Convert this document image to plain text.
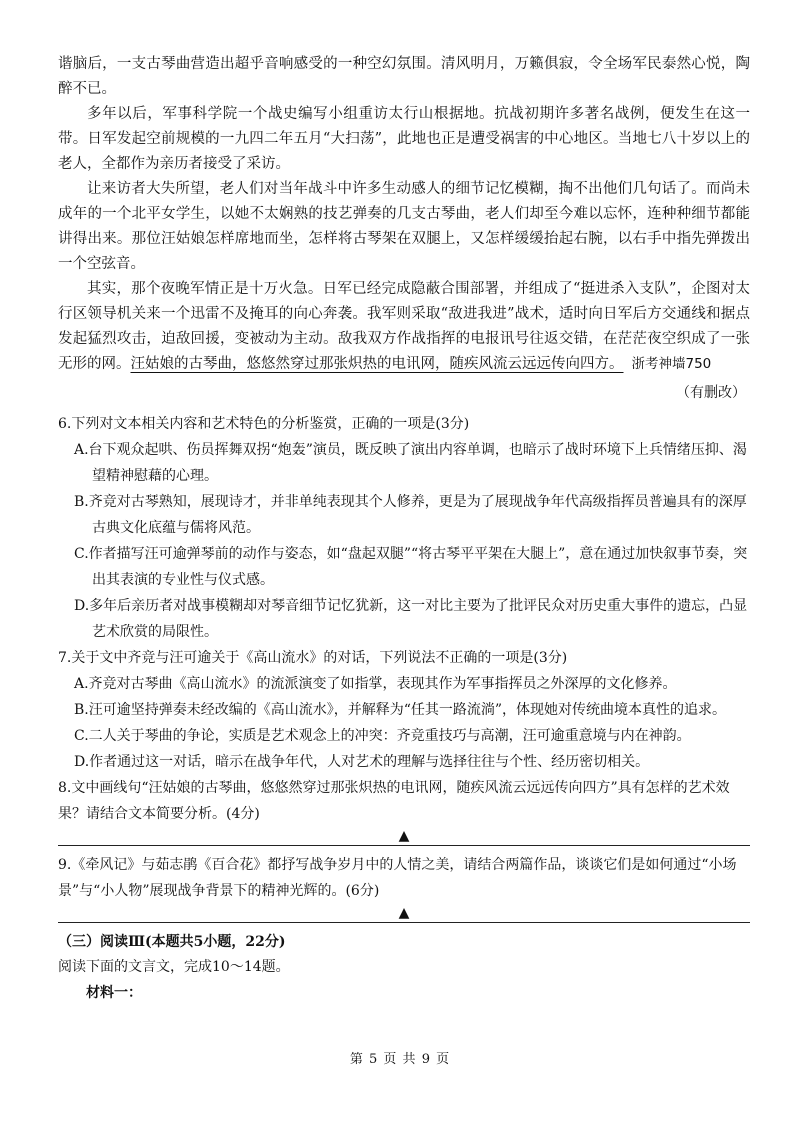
谐脑后，一支古琴曲营造出超乎音响感受的一种空幻氛围。清风明月，万籁俱寂，令全场军民泰然心悦，陶醉不已。

多年以后，军事科学院一个战史编写小组重访太行山根据地。抗战初期许多著名战例，便发生在这一带。日军发起空前规模的一九四二年五月“大扫荡”，此地也正是遭受祸害的中心地区。当地七八十岁以上的老人，全都作为亲历者接受了采访。

让来访者大失所望，老人们对当年战斗中许多生动感人的细节记忆模糊，掏不出他们几句话了。而尚未成年的一个北平女学生，以她不太娴熟的技艺弹奏的几支古琴曲，老人们却至今难以忘怀，连种种细节都能讲得出来。那位汪姑娘怎样席地而坐，怎样将古琴架在双腿上，又怎样缓缓抬起右腕，以右手中指先弹拨出一个空弦音。

其实，那个夜晚军情正是十万火急。日军已经完成隐蔽合围部署，并组成了“挺进杀入支队”，企图对太行区领导机关来一个迅雷不及掩耳的向心奔袭。我军则采取“敌进我进”战术，适时向日军后方交通线和据点发起猛烈攻击，迫敌回援，变被动为主动。敌我双方作战指挥的电报讯号往返交错，在茫茫夜空织成了一张无形的网。汪姑娘的古琴曲，悠悠然穿过那张炽热的电讯网，随疾风流云远远传向四方。 浙考神墙750

（有删改）

6.下列对文本相关内容和艺术特色的分析鉴赏，正确的一项是(3分)

A.台下观众起哄、伤员挥舞双拐“炮轰”演员，既反映了演出内容单调，也暗示了战时环境下上兵情绪压抑、渴望精神慰藉的心理。

B.齐竞对古琴熟知，展现诗才，并非单纯表现其个人修养，更是为了展现战争年代高级指挥员普遍具有的深厚古典文化底蕴与儒将风范。

C.作者描写汪可逾弹琴前的动作与姿态，如“盘起双腿”“将古琴平平架在大腿上”，意在通过加快叙事节奏，突出其表演的专业性与仪式感。

D.多年后亲历者对战事模糊却对琴音细节记忆犹新，这一对比主要为了批评民众对历史重大事件的遗忘，凸显艺术欣赏的局限性。

7.关于文中齐竞与汪可逾关于《高山流水》的对话，下列说法不正确的一项是(3分)

A.齐竞对古琴曲《高山流水》的流派演变了如指掌，表现其作为军事指挥员之外深厚的文化修养。

B.汪可逾坚持弹奏未经改编的《高山流水》，并解释为“任其一路流淌”，体现她对传统曲境本真性的追求。

C.二人关于琴曲的争论，实质是艺术观念上的冲突：齐竞重技巧与高潮，汪可逾重意境与内在神韵。

D.作者通过这一对话，暗示在战争年代，人对艺术的理解与选择往往与个性、经历密切相关。

8.文中画线句“汪姑娘的古琴曲，悠悠然穿过那张炽热的电讯网，随疾风流云远远传向四方”具有怎样的艺术效果？请结合文本简要分析。(4分)

▲

9.《牵风记》与茹志鹃《百合花》都抒写战争岁月中的人情之美，请结合两篇作品，谈谈它们是如何通过“小场景”与“小人物”展现战争背景下的精神光辉的。(6分)

▲

（三）阅读Ⅲ(本题共5小题，22分)

阅读下面的文言文，完成10～14题。

材料一：

第 5 页 共 9 页
